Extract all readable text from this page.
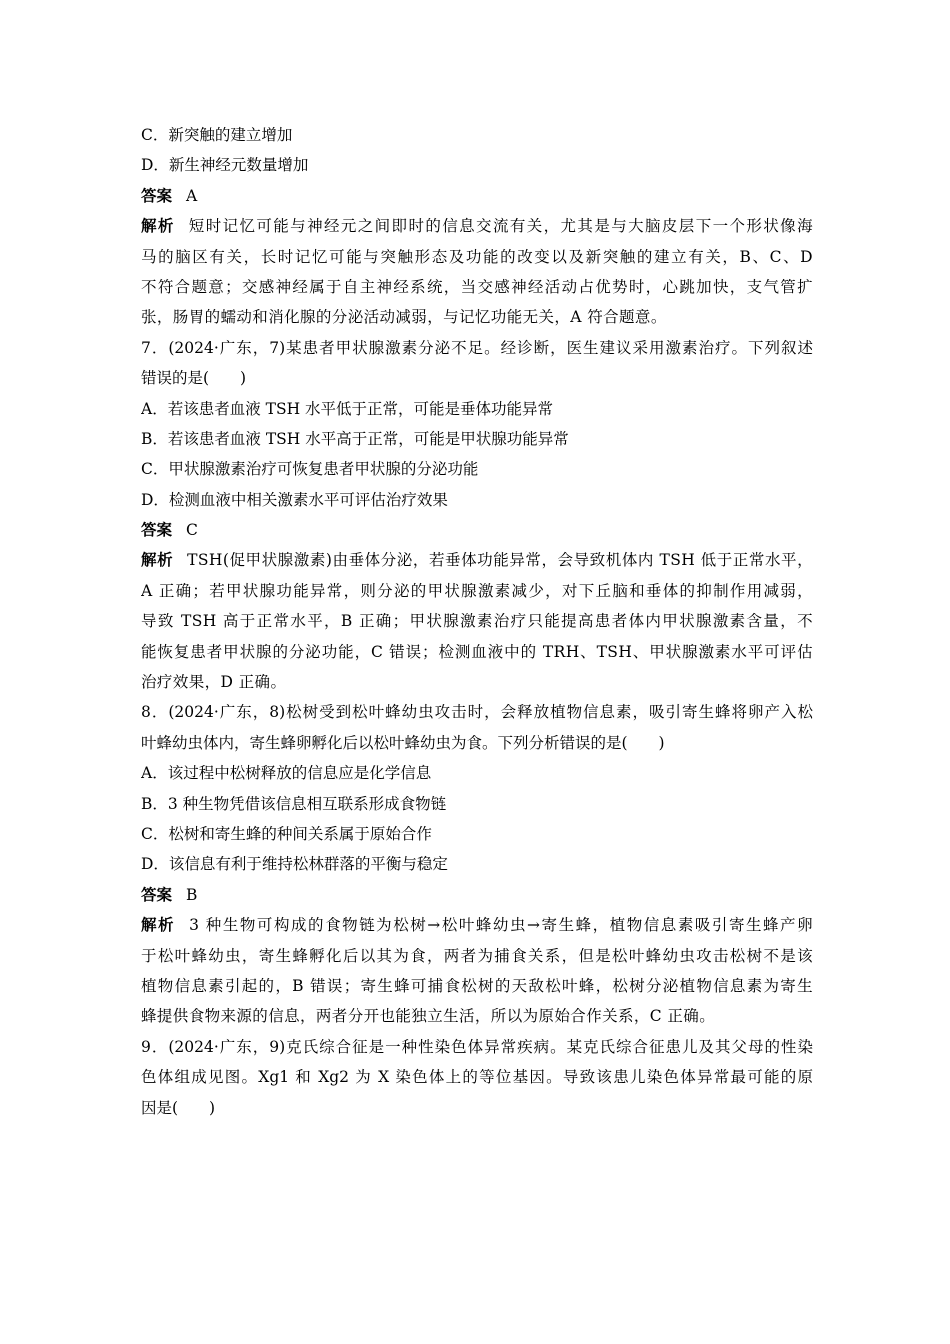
C．新突触的建立增加
D．新生神经元数量增加
答案 A
解析 短时记忆可能与神经元之间即时的信息交流有关，尤其是与大脑皮层下一个形状像海
马的脑区有关，长时记忆可能与突触形态及功能的改变以及新突触的建立有关，B、C、D
不符合题意；交感神经属于自主神经系统，当交感神经活动占优势时，心跳加快，支气管扩
张，肠胃的蠕动和消化腺的分泌活动减弱，与记忆功能无关，A 符合题意。
7．(2024·广东，7)某患者甲状腺激素分泌不足。经诊断，医生建议采用激素治疗。下列叙述
错误的是(　　)
A．若该患者血液 TSH 水平低于正常，可能是垂体功能异常
B．若该患者血液 TSH 水平高于正常，可能是甲状腺功能异常
C．甲状腺激素治疗可恢复患者甲状腺的分泌功能
D．检测血液中相关激素水平可评估治疗效果
答案 C
解析 TSH(促甲状腺激素)由垂体分泌，若垂体功能异常，会导致机体内 TSH 低于正常水平，
A 正确；若甲状腺功能异常，则分泌的甲状腺激素减少，对下丘脑和垂体的抑制作用减弱，
导致 TSH 高于正常水平，B 正确；甲状腺激素治疗只能提高患者体内甲状腺激素含量，不
能恢复患者甲状腺的分泌功能，C 错误；检测血液中的 TRH、TSH、甲状腺激素水平可评估
治疗效果，D 正确。
8．(2024·广东，8)松树受到松叶蜂幼虫攻击时，会释放植物信息素，吸引寄生蜂将卵产入松
叶蜂幼虫体内，寄生蜂卵孵化后以松叶蜂幼虫为食。下列分析错误的是(　　)
A．该过程中松树释放的信息应是化学信息
B．3 种生物凭借该信息相互联系形成食物链
C．松树和寄生蜂的种间关系属于原始合作
D．该信息有利于维持松林群落的平衡与稳定
答案 B
解析 3 种生物可构成的食物链为松树→松叶蜂幼虫→寄生蜂，植物信息素吸引寄生蜂产卵
于松叶蜂幼虫，寄生蜂孵化后以其为食，两者为捕食关系，但是松叶蜂幼虫攻击松树不是该
植物信息素引起的，B 错误；寄生蜂可捕食松树的天敌松叶蜂，松树分泌植物信息素为寄生
蜂提供食物来源的信息，两者分开也能独立生活，所以为原始合作关系，C 正确。
9．(2024·广东，9)克氏综合征是一种性染色体异常疾病。某克氏综合征患儿及其父母的性染
色体组成见图。Xg1 和 Xg2 为 X 染色体上的等位基因。导致该患儿染色体异常最可能的原
因是(　　)
